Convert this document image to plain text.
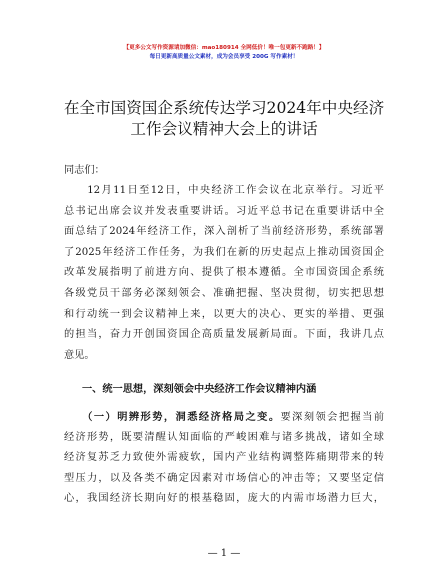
【更多公文写作资源请加微信：mao180914 全网低价！唯一包更新不跑路！】
每日更新高质量公文素材，成为会员享受 200G 写作素材！
在全市国资国企系统传达学习2024年中央经济
工作会议精神大会上的讲话
同志们：
　　12月11日至12日，中央经济工作会议在北京举行。习近平
总书记出席会议并发表重要讲话。习近平总书记在重要讲话中全
面总结了2024年经济工作，深入剖析了当前经济形势，系统部署
了2025年经济工作任务，为我们在新的历史起点上推动国资国企
改革发展指明了前进方向、提供了根本遵循。全市国资国企系统
各级党员干部务必深刻领会、准确把握、坚决贯彻，切实把思想
和行动统一到会议精神上来，以更大的决心、更实的举措、更强
的担当，奋力开创国资国企高质量发展新局面。下面，我讲几点
意见。
一、统一思想，深刻领会中央经济工作会议精神内涵
　　（一）明辨形势，洞悉经济格局之变。要深刻领会把握当前
经济形势，既要清醒认知面临的严峻困难与诸多挑战，诸如全球
经济复苏乏力致使外需疲软，国内产业结构调整阵痛期带来的转
型压力，以及各类不确定因素对市场信心的冲击等；又要坚定信
心，我国经济长期向好的根基稳固，庞大的内需市场潜力巨大，
— 1 —
